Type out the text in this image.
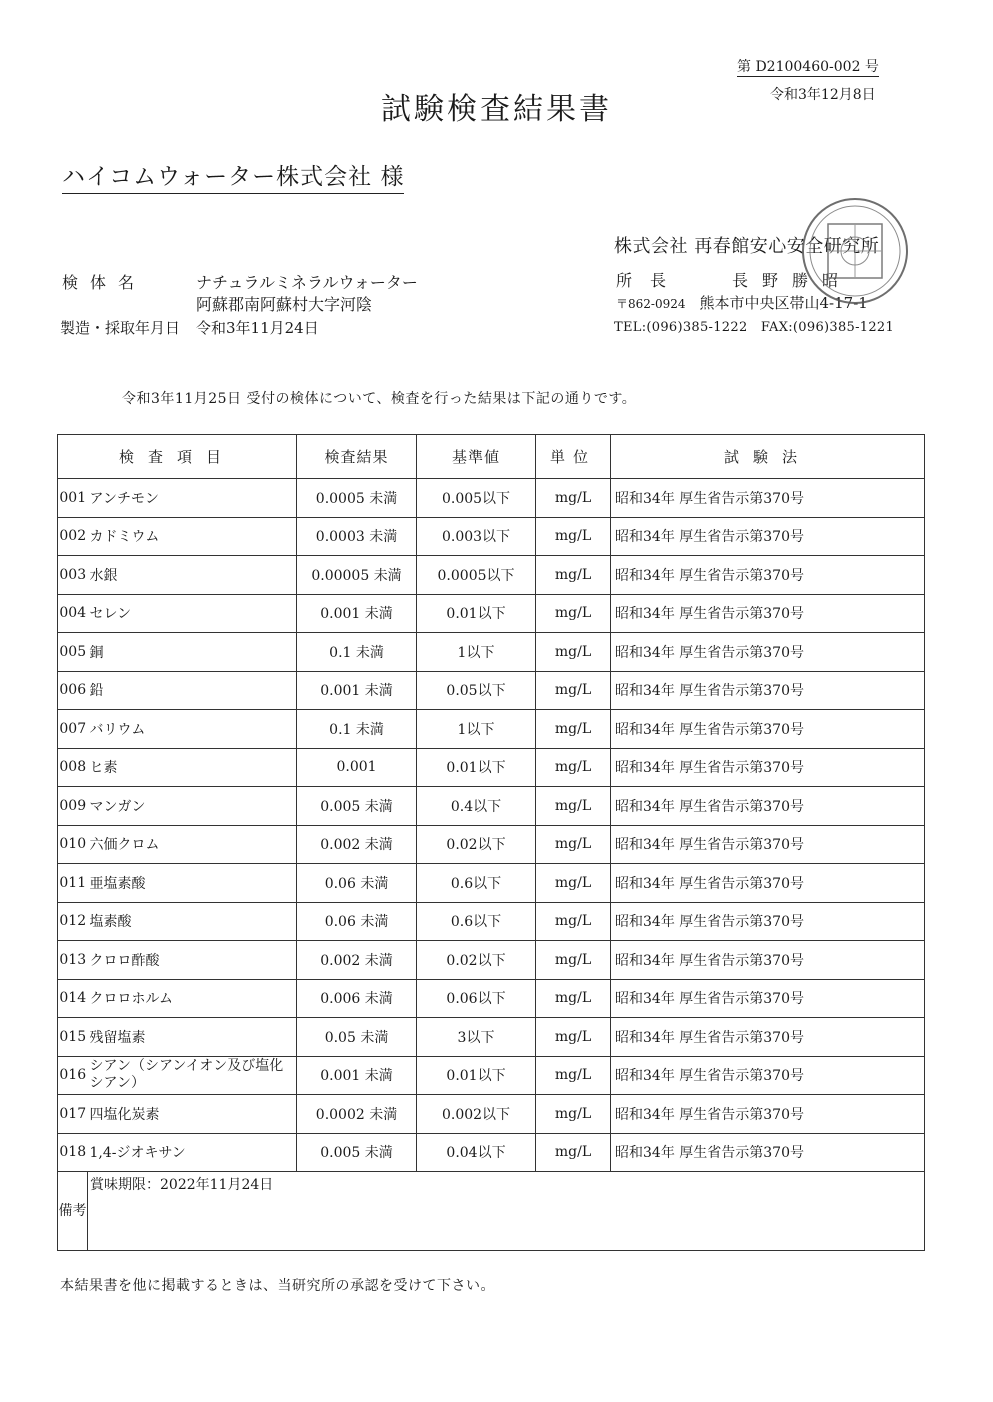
第 D2100460-002 号
令和3年12月8日
試験検査結果書
ハイコムウォーター株式会社 様
株式会社 再春館安心安全研究所
所長	長野勝昭
〒862-0924 熊本市中央区帯山4-17-1
TEL:(096)385-1222　FAX:(096)385-1221
検体名	ナチュラルミネラルウォーター
阿蘇郡南阿蘇村大字河陰
製造・採取年月日 令和3年11月24日
令和3年11月25日 受付の検体について、検査を行った結果は下記の通りです。
検査項目		検査結果	基準値	単位	試験法
001	アンチモン	0.0005 未満	0.005以下	mg/L	昭和34年 厚生省告示第370号
002	カドミウム	0.0003 未満	0.003以下	mg/L	昭和34年 厚生省告示第370号
003	水銀	0.00005 未満	0.0005以下	mg/L	昭和34年 厚生省告示第370号
004	セレン	0.001 未満	0.01以下	mg/L	昭和34年 厚生省告示第370号
005	銅	0.1 未満	1以下	mg/L	昭和34年 厚生省告示第370号
006	鉛	0.001 未満	0.05以下	mg/L	昭和34年 厚生省告示第370号
007	バリウム	0.1 未満	1以下	mg/L	昭和34年 厚生省告示第370号
008	ヒ素	0.001	0.01以下	mg/L	昭和34年 厚生省告示第370号
009	マンガン	0.005 未満	0.4以下	mg/L	昭和34年 厚生省告示第370号
010	六価クロム	0.002 未満	0.02以下	mg/L	昭和34年 厚生省告示第370号
011	亜塩素酸	0.06 未満	0.6以下	mg/L	昭和34年 厚生省告示第370号
012	塩素酸	0.06 未満	0.6以下	mg/L	昭和34年 厚生省告示第370号
013	クロロ酢酸	0.002 未満	0.02以下	mg/L	昭和34年 厚生省告示第370号
014	クロロホルム	0.006 未満	0.06以下	mg/L	昭和34年 厚生省告示第370号
015	残留塩素	0.05 未満	3以下	mg/L	昭和34年 厚生省告示第370号
016	シアン（シアンイオン及び塩化シアン）	0.001 未満	0.01以下	mg/L	昭和34年 厚生省告示第370号
017	四塩化炭素	0.0002 未満	0.002以下	mg/L	昭和34年 厚生省告示第370号
018	1,4-ジオキサン	0.005 未満	0.04以下	mg/L	昭和34年 厚生省告示第370号
備考	賞味期限：2022年11月24日				
本結果書を他に掲載するときは、当研究所の承認を受けて下さい。
